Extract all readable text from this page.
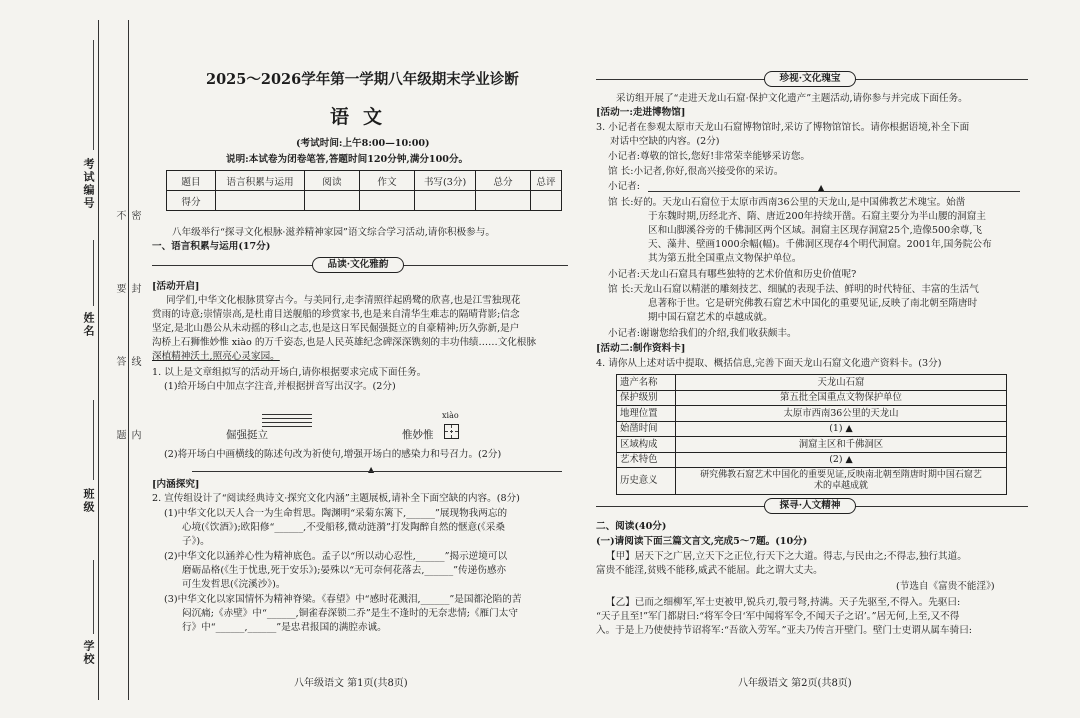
考试编号
姓名
班级
学校
密 封 线 内 不 要 答 题
2025～2026学年第一学期八年级期末学业诊断
语文
(考试时间:上午8:00—10:00)
说明:本试卷为闭卷笔答,答题时间120分钟,满分100分。
题目	语言积累与运用	阅读	作文	书写(3分)	总分	总评
得分						
八年级举行“探寻文化根脉·滋养精神家园”语文综合学习活动,请你积极参与。
一、语言积累与运用(17分)
品读·文化雅韵
[活动开启]
同学们,中华文化根脉贯穿古今。与美同行,走李清照徉起鸥鹭的欣喜,也是江雪独现花
赏雨的诗意;崇情崇高,是杜甫目送舰船的珍赏家书,也是来自清华生难志的隔晴背影;信念
坚定,是北山愚公从未动摇的移山之志,也是这日军民倔强挺立的自豪精神;历久弥新,是户
沟桥上石狮惟妙惟 xiào 的万千姿态,也是人民英雄纪念碑深深镌刻的丰功伟绩……文化根脉
深植精神沃土,照亮心灵家园。
1. 以上是文章组拟写的活动开场白,请你根据要求完成下面任务。
(1)给开场白中加点字注音,并根据拼音写出汉字。(2分)
倔强挺立
xiào
惟妙惟
(2)将开场白中画横线的陈述句改为祈使句,增强开场白的感染力和号召力。(2分)
▲
[内涵探究]
2. 宣传组设计了“阅读经典诗文·探究文化内涵”主题展板,请补全下面空缺的内容。(8分)
(1)中华文化以天人合一为生命哲思。陶渊明“采菊东篱下,______”展现物我两忘的
心境(《饮酒》);欧阳修“______,不受船移,微动涟漪”打发陶醉自然的惬意(《采桑
子》)。
(2)中华文化以涵养心性为精神底色。孟子以“所以动心忍性,______”揭示逆境可以
磨砺品格(《生于忧患,死于安乐》);晏殊以“无可奈何花落去,______”传递伤感亦
可生发哲思(《浣溪沙》)。
(3)中华文化以家国情怀为精神脊梁。《春望》中“感时花溅泪,______”是国都沦陷的苦
闷沉痛;《赤壁》中“______,铜雀春深锁二乔”是生不逢时的无奈悲情;《雁门太守
行》中“______,______”是忠君报国的满腔赤诚。
八年级语文 第1页(共8页)
珍视·文化瑰宝
采访组开展了“走进天龙山石窟·保护文化遗产”主题活动,请你参与并完成下面任务。
[活动一:走进博物馆]
3. 小记者在参观太原市天龙山石窟博物馆时,采访了博物馆馆长。请你根据语境,补全下面
对话中空缺的内容。(2分)
小记者:尊敬的馆长,您好!非常荣幸能够采访您。
馆 长:小记者,你好,很高兴接受你的采访。
小记者:	▲
馆 长:好的。天龙山石窟位于太原市西南36公里的天龙山,是中国佛教艺术瑰宝。始凿
于东魏时期,历经北齐、隋、唐近200年持续开凿。石窟主要分为半山腰的洞窟主
区和山脚溪谷旁的千佛洞区两个区域。洞窟主区现存洞窟25个,造像500余尊,飞
天、藻井、壁画1000余幅(幅)。千佛洞区现存4个明代洞窟。2001年,国务院公布
其为第五批全国重点文物保护单位。
小记者:天龙山石窟具有哪些独特的艺术价值和历史价值呢?
馆 长:天龙山石窟以精湛的雕刻技艺、细腻的表现手法、鲜明的时代特征、丰富的生活气
息著称于世。它是研究佛教石窟艺术中国化的重要见证,反映了南北朝至隋唐时
期中国石窟艺术的卓越成就。
小记者:谢谢您给我们的介绍,我们收获颇丰。
[活动二:制作资料卡]
4. 请你从上述对话中提取、概括信息,完善下面天龙山石窟文化遗产资料卡。(3分)
遗产名称	天龙山石窟
保护级别	第五批全国重点文物保护单位
地理位置	太原市西南36公里的天龙山
始凿时间	(1) ▲
区域构成	洞窟主区和千佛洞区
艺术特色	(2) ▲
历史意义	研究佛教石窟艺术中国化的重要见证,反映南北朝至隋唐时期中国石窟艺术的卓越成就
探寻·人文精神
二、阅读(40分)
(一)请阅读下面三篇文言文,完成5～7题。(10分)
【甲】居天下之广居,立天下之正位,行天下之大道。得志,与民由之;不得志,独行其道。
富贵不能淫,贫贱不能移,威武不能屈。此之谓大丈夫。
(节选自《富贵不能淫》)
【乙】已而之细柳军,军士吏被甲,锐兵刃,彀弓弩,持满。天子先驱至,不得入。先驱曰:
“天子且至!”军门都尉曰:“将军令曰‘军中闻将军令,不闻天子之诏’。”居无何,上至,又不得
入。于是上乃使使持节诏将军:“吾欲入劳军。”亚夫乃传言开壁门。壁门士吏谓从属车骑曰:
八年级语文 第2页(共8页)
